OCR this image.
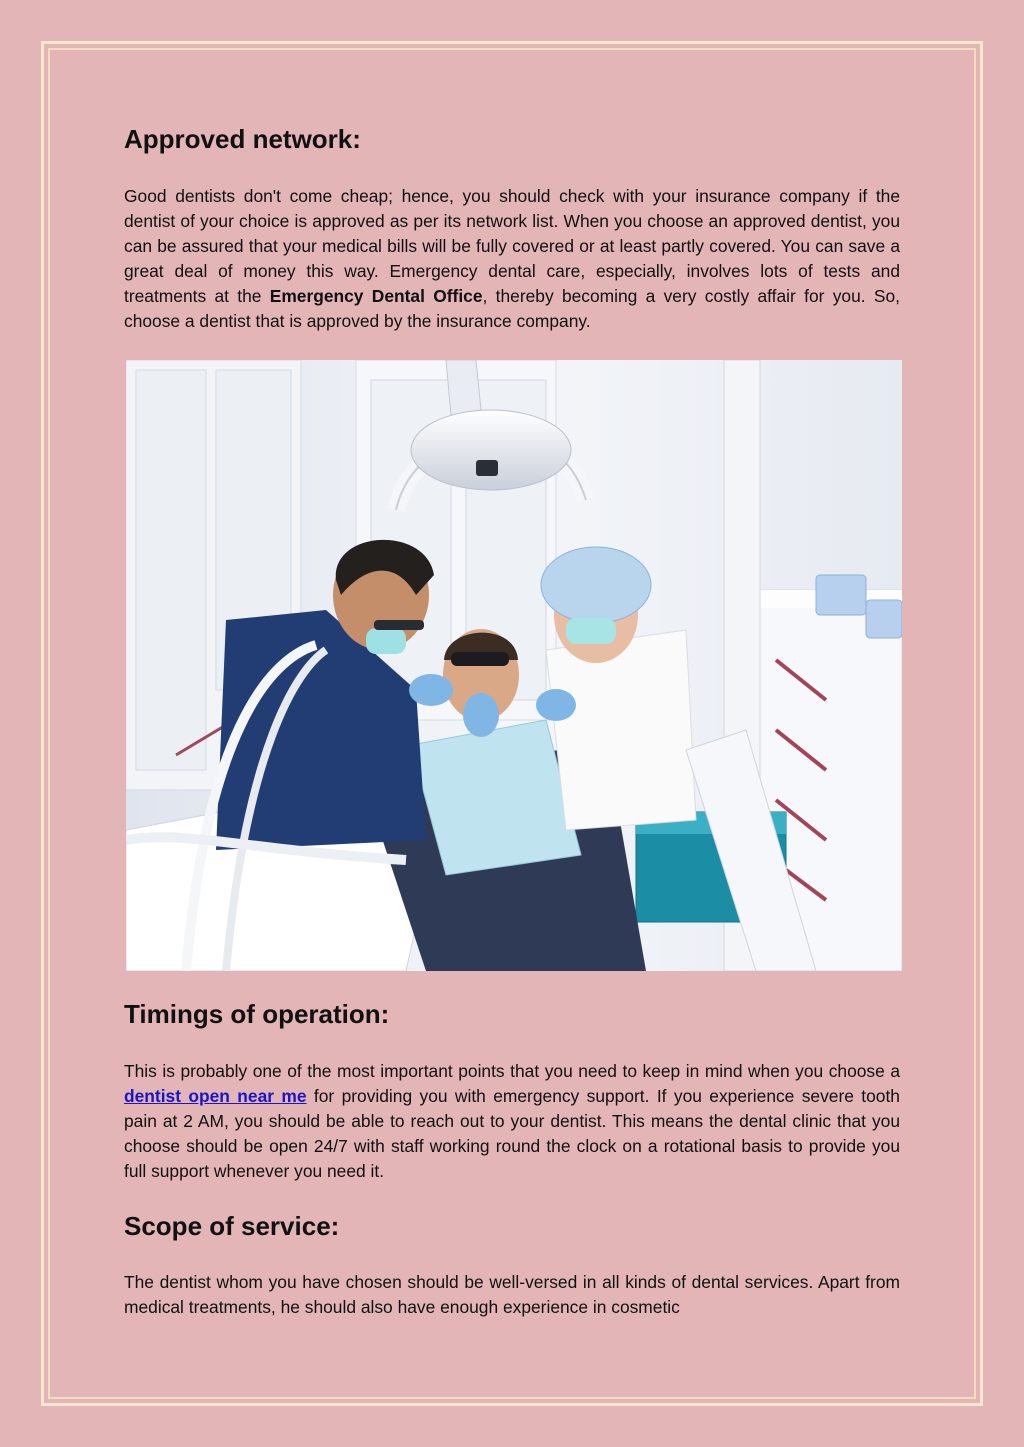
Approved network:

Good dentists don't come cheap; hence, you should check with your insurance company if the dentist of your choice is approved as per its network list. When you choose an approved dentist, you can be assured that your medical bills will be fully covered or at least partly covered. You can save a great deal of money this way. Emergency dental care, especially, involves lots of tests and treatments at the Emergency Dental Office, thereby becoming a very costly affair for you. So, choose a dentist that is approved by the insurance company.

Timings of operation:

This is probably one of the most important points that you need to keep in mind when you choose a dentist open near me for providing you with emergency support. If you experience severe tooth pain at 2 AM, you should be able to reach out to your dentist. This means the dental clinic that you choose should be open 24/7 with staff working round the clock on a rotational basis to provide you full support whenever you need it.

Scope of service:

The dentist whom you have chosen should be well-versed in all kinds of dental services. Apart from medical treatments, he should also have enough experience in cosmetic
